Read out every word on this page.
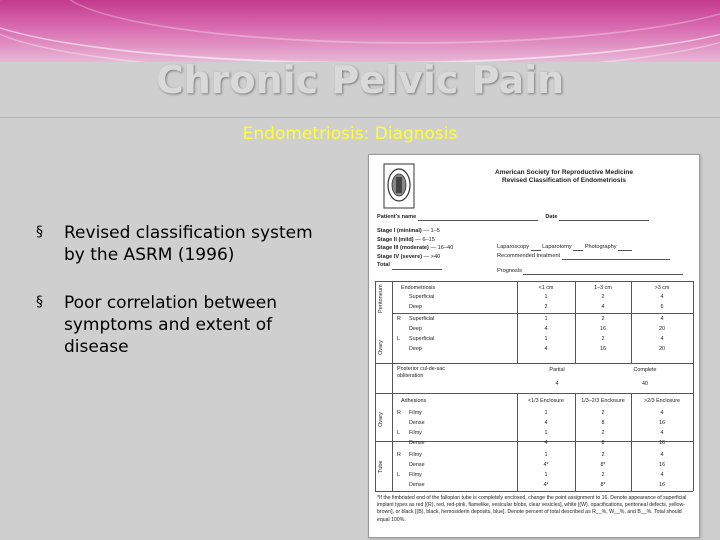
Chronic Pelvic Pain
Endometriosis: Diagnosis
§	Revised classification system by the ASRM (1996)
§	Poor correlation between symptoms and extent of disease
American Society for Reproductive Medicine
Revised Classification of Endometriosis
Patient's name	Date
Stage I (minimal) — 1–5
Stage II (mild) — 6–15
Stage III (moderate) — 16–40
Stage IV (severe) — >40
Total
Laparoscopy Laparotomy Photography
Recommended treatment
Prognosis
Peritoneum
Ovary
Ovary
Tube
Endometriosis	<1 cm	1–3 cm	>3 cm
Superficial	1	2	4
Deep	2	4	6
R Superficial	1	2	4
Deep	4	16	20
L Superficial	1	2	4
Deep	4	16	20
Posterior cul-de-sac obliteration
Partial	Complete
4	40
Adhesions	<1/3 Enclosure	1/3–2/3 Enclosure	>2/3 Enclosure
R Filmy	1	2	4
Dense	4	8	16
L Filmy	1	2	4
Dense	4	8	16
R Filmy	1	2	4
Dense	4*	8*	16
L Filmy	1	2	4
Dense	4*	8*	16
*If the fimbriated end of the fallopian tube is completely enclosed, change the point assignment to 16. Denote appearance of superficial implant types as red [(R), red, red-pink, flamelike, vesicular blobs, clear vesicles], white [(W), opacifications, peritoneal defects, yellow-brown], or black [(B), black, hemosiderin deposits, blue]. Denote percent of total described as R__%, W__%, and B__%. Total should equal 100%.
